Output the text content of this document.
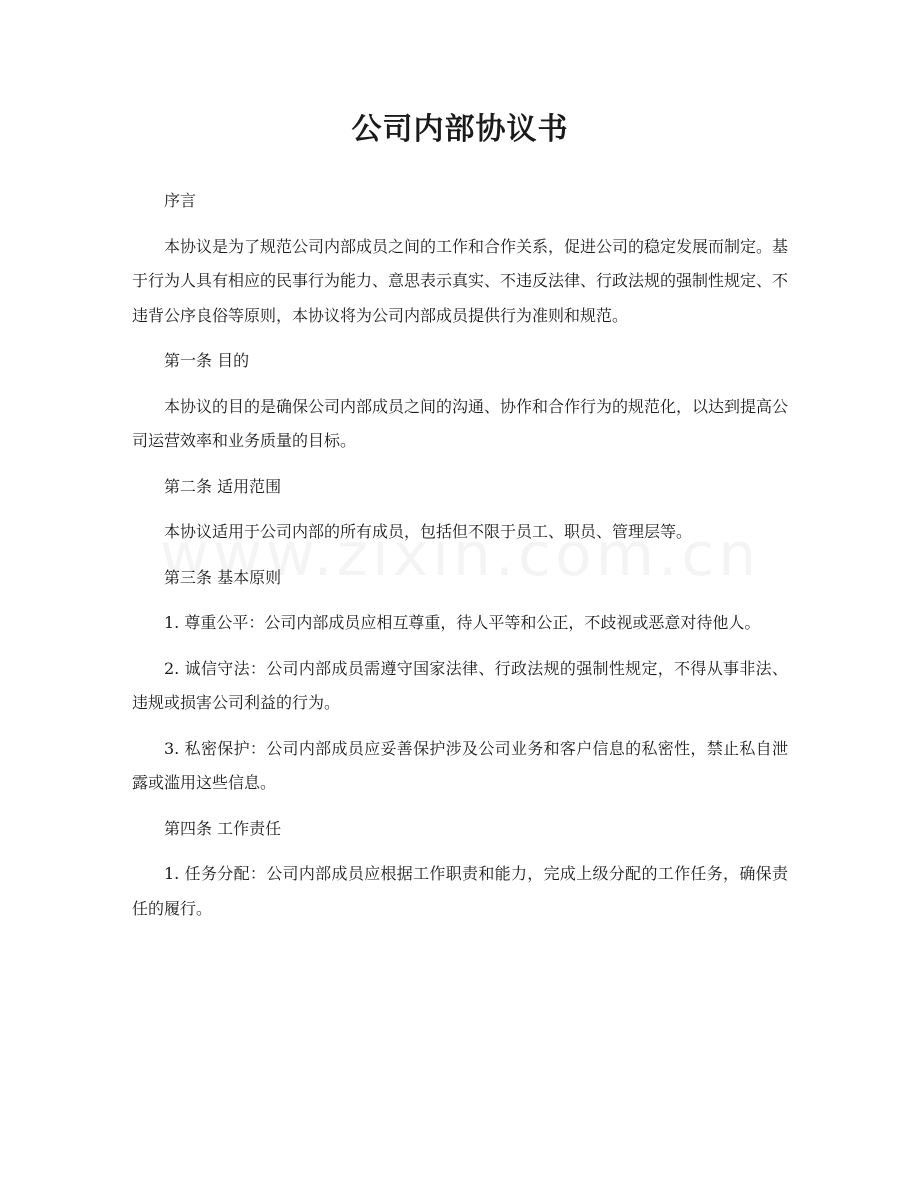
公司内部协议书

序言

本协议是为了规范公司内部成员之间的工作和合作关系，促进公司的稳定发展而制定。基于行为人具有相应的民事行为能力、意思表示真实、不违反法律、行政法规的强制性规定、不违背公序良俗等原则，本协议将为公司内部成员提供行为准则和规范。

第一条 目的

本协议的目的是确保公司内部成员之间的沟通、协作和合作行为的规范化，以达到提高公司运营效率和业务质量的目标。

第二条 适用范围

本协议适用于公司内部的所有成员，包括但不限于员工、职员、管理层等。

第三条 基本原则

1. 尊重公平：公司内部成员应相互尊重，待人平等和公正，不歧视或恶意对待他人。

2. 诚信守法：公司内部成员需遵守国家法律、行政法规的强制性规定，不得从事非法、违规或损害公司利益的行为。

3. 私密保护：公司内部成员应妥善保护涉及公司业务和客户信息的私密性，禁止私自泄露或滥用这些信息。

第四条 工作责任

1. 任务分配：公司内部成员应根据工作职责和能力，完成上级分配的工作任务，确保责任的履行。
